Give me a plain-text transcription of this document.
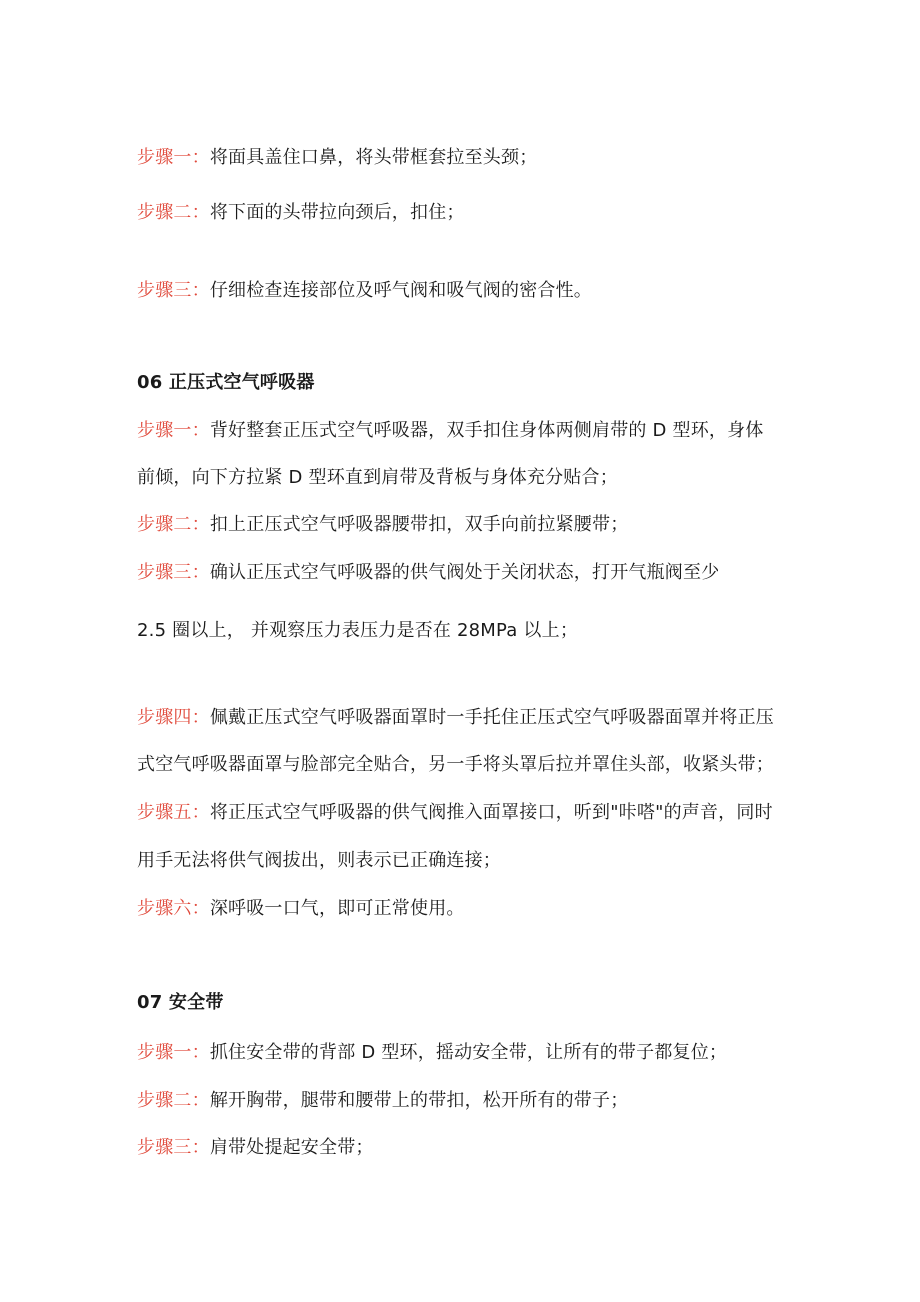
步骤一：将面具盖住口鼻，将头带框套拉至头颈；
步骤二：将下面的头带拉向颈后，扣住；
步骤三：仔细检查连接部位及呼气阀和吸气阀的密合性。
06 正压式空气呼吸器
步骤一：背好整套正压式空气呼吸器，双手扣住身体两侧肩带的 D 型环，身体
前倾，向下方拉紧 D 型环直到肩带及背板与身体充分贴合；
步骤二：扣上正压式空气呼吸器腰带扣，双手向前拉紧腰带；
步骤三：确认正压式空气呼吸器的供气阀处于关闭状态，打开气瓶阀至少
2.5 圈以上， 并观察压力表压力是否在 28MPa 以上；
步骤四：佩戴正压式空气呼吸器面罩时一手托住正压式空气呼吸器面罩并将正压
式空气呼吸器面罩与脸部完全贴合，另一手将头罩后拉并罩住头部，收紧头带；
步骤五：将正压式空气呼吸器的供气阀推入面罩接口，听到"咔嗒"的声音，同时
用手无法将供气阀拔出，则表示已正确连接；
步骤六：深呼吸一口气，即可正常使用。
07 安全带
步骤一：抓住安全带的背部 D 型环，摇动安全带，让所有的带子都复位；
步骤二：解开胸带，腿带和腰带上的带扣，松开所有的带子；
步骤三：肩带处提起安全带；
